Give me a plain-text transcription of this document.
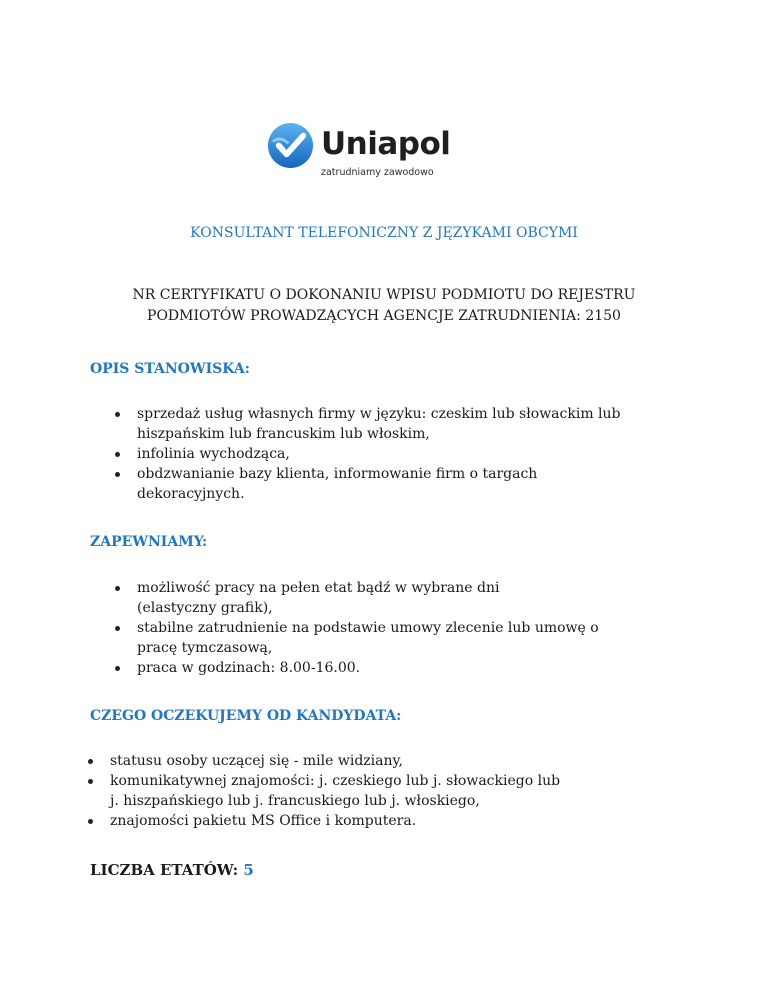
Uniapol
zatrudniamy zawodowo
KONSULTANT TELEFONICZNY Z JĘZYKAMI OBCYMI
NR CERTYFIKATU O DOKONANIU WPISU PODMIOTU DO REJESTRU
PODMIOTÓW PROWADZĄCYCH AGENCJE ZATRUDNIENIA: 2150
OPIS STANOWISKA:
sprzedaż usług własnych firmy w języku: czeskim lub słowackim lub
hiszpańskim lub francuskim lub włoskim,
infolinia wychodząca,
obdzwanianie bazy klienta, informowanie firm o targach
dekoracyjnych.
ZAPEWNIAMY:
możliwość pracy na pełen etat bądź w wybrane dni
(elastyczny grafik),
stabilne zatrudnienie na podstawie umowy zlecenie lub umowę o
pracę tymczasową,
praca w godzinach: 8.00-16.00.
CZEGO OCZEKUJEMY OD KANDYDATA:
statusu osoby uczącej się - mile widziany,
komunikatywnej znajomości: j. czeskiego lub j. słowackiego lub
j. hiszpańskiego lub j. francuskiego lub j. włoskiego,
znajomości pakietu MS Office i komputera.
LICZBA ETATÓW: 5
